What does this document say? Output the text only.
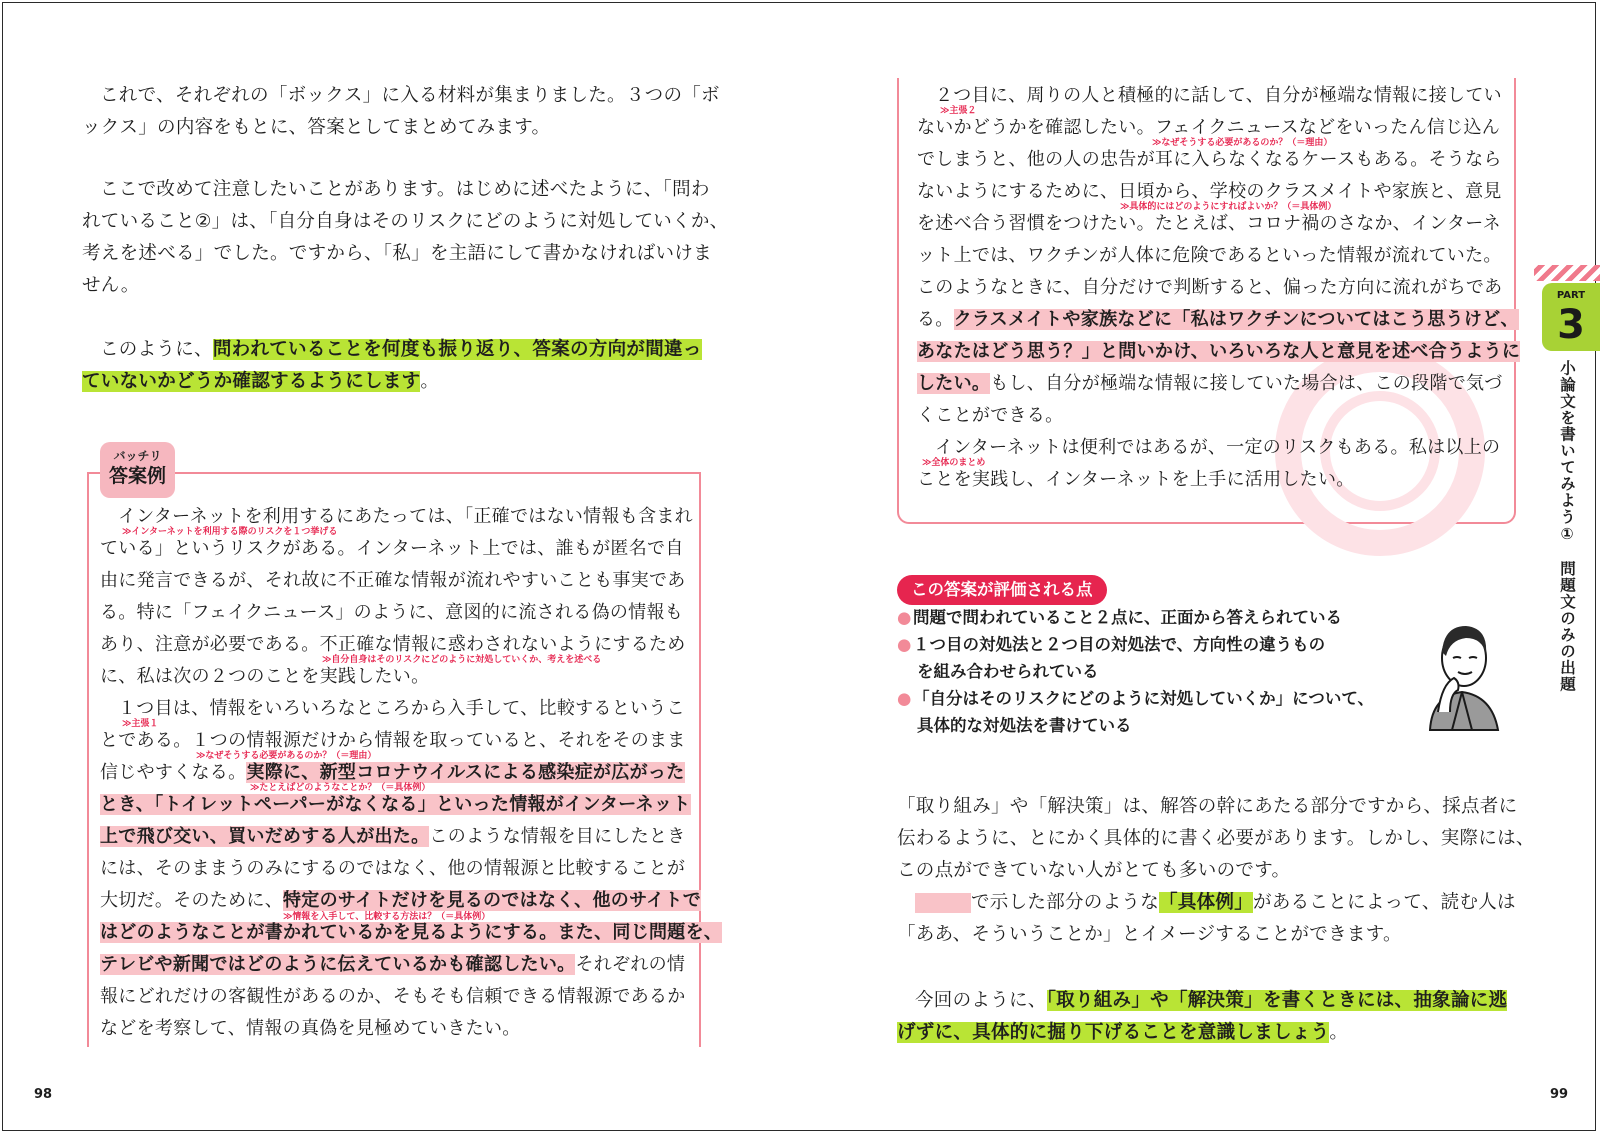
これで、それぞれの「ボックス」に入る材料が集まりました。３つの「ボ
ックス」の内容をもとに、答案としてまとめてみます。
ここで改めて注意したいことがあります。はじめに述べたように、「問わ
れていること②」は、「自分自身はそのリスクにどのように対処していくか、
考えを述べる」でした。ですから、「私」を主語にして書かなければいけま
せん。
このように、問われていることを何度も振り返り、答案の方向が間違っ
ていないかどうか確認するようにします。
バッチリ
答案例
インターネットを利用するにあたっては、「正確ではない情報も含まれ
ている」というリスクがある。インターネット上では、誰もが匿名で自
由に発言できるが、それ故に不正確な情報が流れやすいことも事実であ
る。特に「フェイクニュース」のように、意図的に流される偽の情報も
あり、注意が必要である。不正確な情報に惑わされないようにするため
に、私は次の２つのことを実践したい。
１つ目は、情報をいろいろなところから入手して、比較するというこ
とである。１つの情報源だけから情報を取っていると、それをそのまま
信じやすくなる。実際に、新型コロナウイルスによる感染症が広がった
とき、「トイレットペーパーがなくなる」といった情報がインターネット
上で飛び交い、買いだめする人が出た。このような情報を目にしたとき
には、そのままうのみにするのではなく、他の情報源と比較することが
大切だ。そのために、特定のサイトだけを見るのではなく、他のサイトで
はどのようなことが書かれているかを見るようにする。また、同じ問題を、
テレビや新聞ではどのように伝えているかも確認したい。それぞれの情
報にどれだけの客観性があるのか、そもそも信頼できる情報源であるか
などを考察して、情報の真偽を見極めていきたい。
≫インターネットを利用する際のリスクを１つ挙げる
≫自分自身はそのリスクにどのように対処していくか、考えを述べる
≫主張１
≫なぜそうする必要があるのか？（＝理由）
≫たとえばどのようなことか？（＝具体例）
≫情報を入手して、比較する方法は？（＝具体例）
98
２つ目に、周りの人と積極的に話して、自分が極端な情報に接してい
ないかどうかを確認したい。フェイクニュースなどをいったん信じ込ん
でしまうと、他の人の忠告が耳に入らなくなるケースもある。そうなら
ないようにするために、日頃から、学校のクラスメイトや家族と、意見
を述べ合う習慣をつけたい。たとえば、コロナ禍のさなか、インターネ
ット上では、ワクチンが人体に危険であるといった情報が流れていた。
このようなときに、自分だけで判断すると、偏った方向に流れがちであ
る。クラスメイトや家族などに「私はワクチンについてはこう思うけど、
あなたはどう思う？」と問いかけ、いろいろな人と意見を述べ合うように
したい。もし、自分が極端な情報に接していた場合は、この段階で気づ
くことができる。
インターネットは便利ではあるが、一定のリスクもある。私は以上の
ことを実践し、インターネットを上手に活用したい。
≫主張２
≫なぜそうする必要があるのか？（＝理由）
≫具体的にはどのようにすればよいか？（＝具体例）
≫全体のまとめ
この答案が評価される点
●問題で問われていること２点に、正面から答えられている
●１つ目の対処法と２つ目の対処法で、方向性の違うもの
を組み合わせられている
●「自分はそのリスクにどのように対処していくか」について、
具体的な対処法を書けている
「取り組み」や「解決策」は、解答の幹にあたる部分ですから、採点者に
伝わるように、とにかく具体的に書く必要があります。しかし、実際には、
この点ができていない人がとても多いのです。
で示した部分のような「具体例」があることによって、読む人は
「ああ、そういうことか」とイメージすることができます。
今回のように、「取り組み」や「解決策」を書くときには、抽象論に逃
げずに、具体的に掘り下げることを意識しましょう。
PART
3
小論文を書いてみよう①　問題文のみの出題
99
